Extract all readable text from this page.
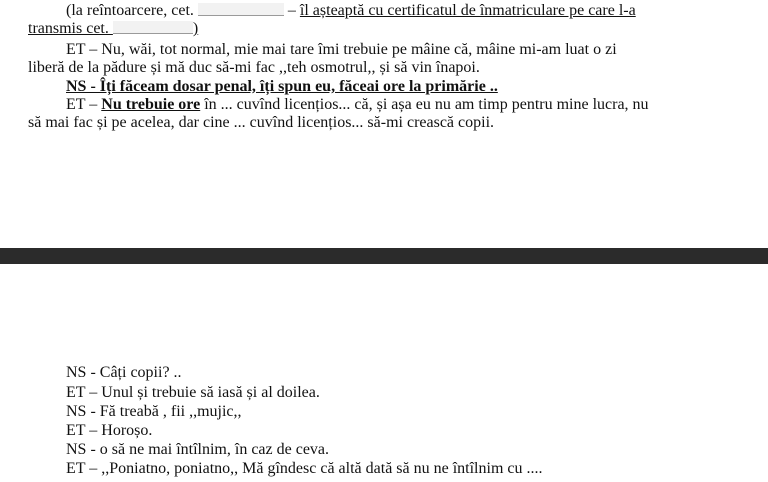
(la reîntoarcere, cet.	– îl așteaptă cu certificatul de înmatriculare pe care l-a
transmis cet.	)
ET – Nu, wăi, tot normal, mie mai tare îmi trebuie pe mâine că, mâine mi-am luat o zi
liberă de la pădure și mă duc să-mi fac ,,teh osmotrul,, și să vin înapoi.
NS - Îți făceam dosar penal, îți spun eu, făceai ore la primărie ..
ET – Nu trebuie ore în ... cuvînd licențios... că, și așa eu nu am timp pentru mine lucra, nu
să mai fac și pe acelea, dar cine ... cuvînd licențios... să-mi crească copii.
NS - Câți copii? ..
ET – Unul și trebuie să iasă și al doilea.
NS - Fă treabă , fii ,,mujic,,
ET – Horoșo.
NS - o să ne mai întîlnim, în caz de ceva.
ET – ,,Poniatno, poniatno,, Mă gîndesc că altă dată să nu ne întîlnim cu ....
